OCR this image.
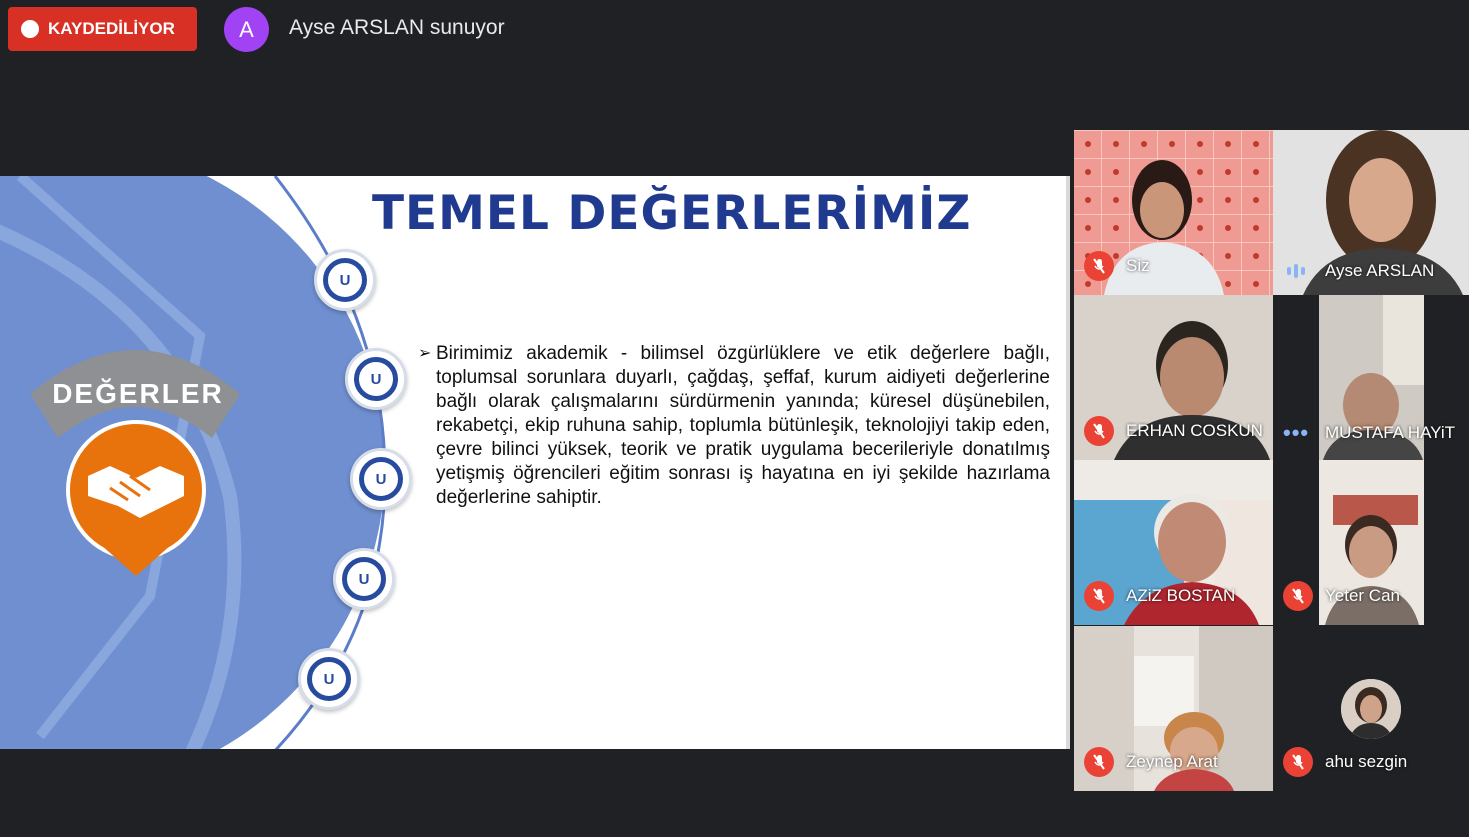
KAYDEDİLİYOR	A	Ayse ARSLAN sunuyor
DEĞERLER
TEMEL DEĞERLERİMİZ
U
U
U
U
U
➢ Birimimiz akademik - bilimsel özgürlüklere ve etik değerlere bağlı, toplumsal sorunlara duyarlı, çağdaş, şeffaf, kurum aidiyeti değerlerine bağlı olarak çalışmalarını sürdürmenin yanında; küresel düşünebilen, rekabetçi, ekip ruhuna sahip, toplumla bütünleşik, teknolojiyi takip eden, çevre bilinci yüksek, teorik ve pratik uygulama becerileriyle donatılmış yetişmiş öğrencileri eğitim sonrası iş hayatına en iyi şekilde hazırlama değerlerine sahiptir.
Siz	Ayse ARSLAN
ERHAN COSKUN ••• MUSTAFA HAYiT
AZiZ BOSTAN	Yeter Can
Zeynep Arat	ahu sezgin
